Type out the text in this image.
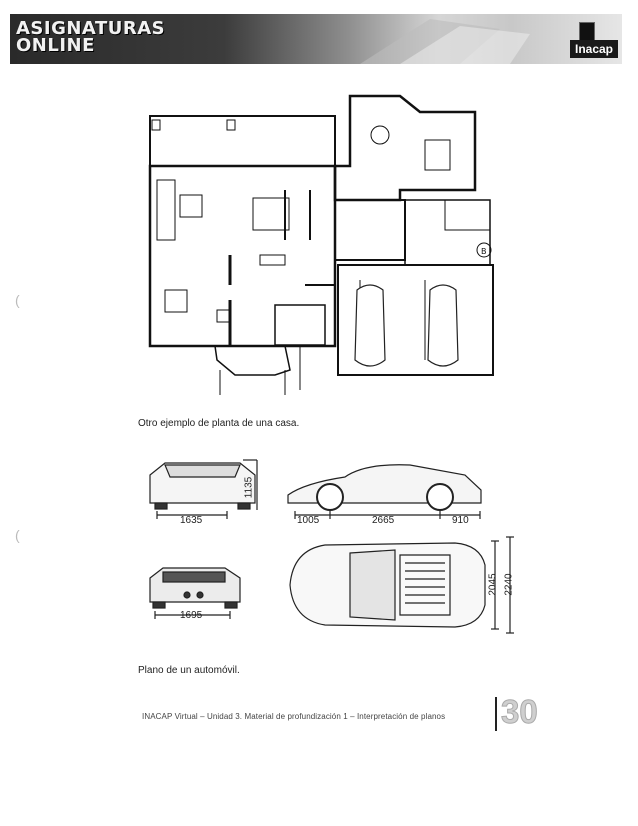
ASIGNATURAS
ONLINE	Inacap
B
Otro ejemplo de planta de una casa.
1135
1635	1005	2665	910
1695
2045 2240
Plano de un automóvil.
(
(
INACAP Virtual – Unidad 3. Material de profundización 1 – Interpretación de planos 30
